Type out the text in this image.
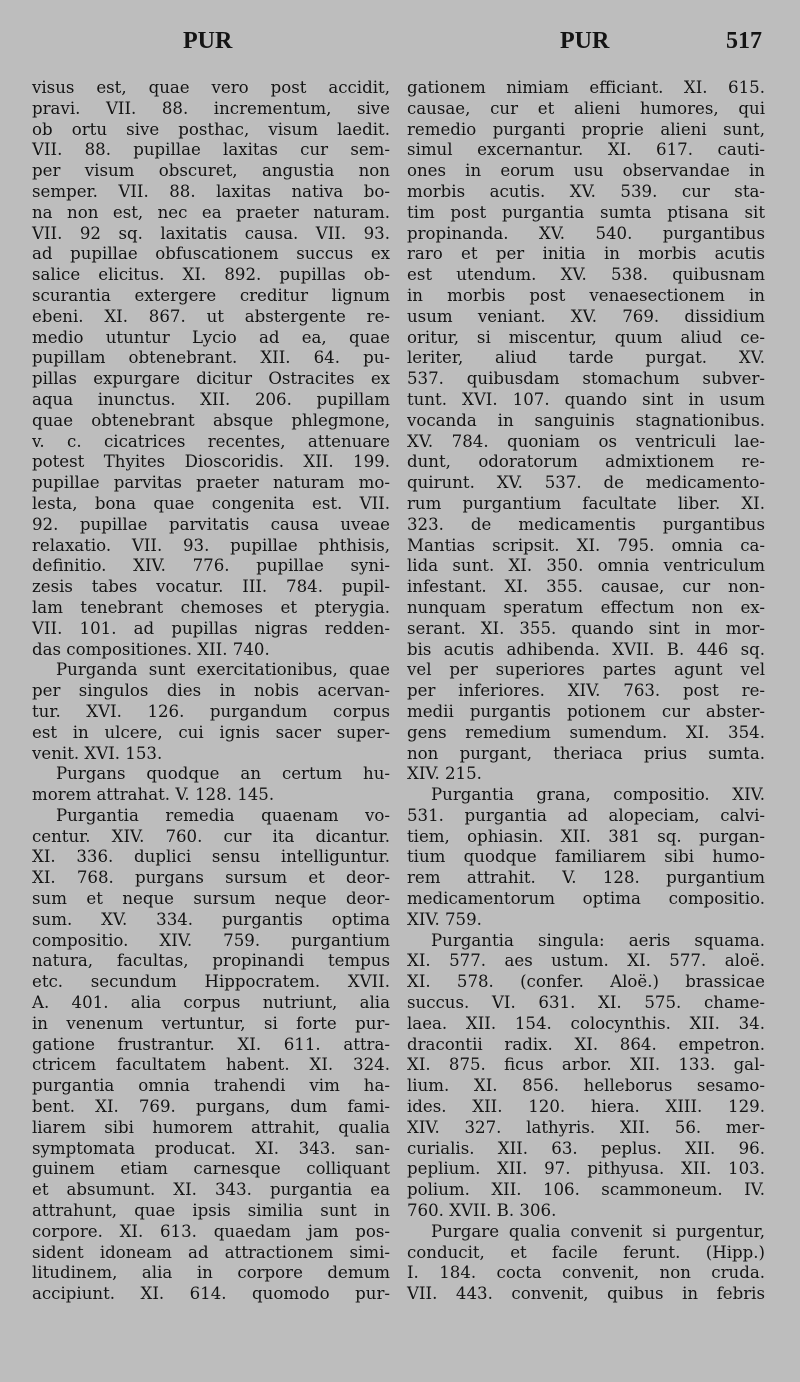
PUR	PUR	517
visus est, quae vero post accidit,
pravi. VII. 88. incrementum, sive
ob ortu sive posthac, visum laedit.
VII. 88. pupillae laxitas cur sem-
per visum obscuret, angustia non
semper. VII. 88. laxitas nativa bo-
na non est, nec ea praeter naturam.
VII. 92 sq. laxitatis causa. VII. 93.
ad pupillae obfuscationem succus ex
salice elicitus. XI. 892. pupillas ob-
scurantia extergere creditur lignum
ebeni. XI. 867. ut abstergente re-
medio utuntur Lycio ad ea, quae
pupillam obtenebrant. XII. 64. pu-
pillas expurgare dicitur Ostracites ex
aqua inunctus. XII. 206. pupillam
quae obtenebrant absque phlegmone,
v. c. cicatrices recentes, attenuare
potest Thyites Dioscoridis. XII. 199.
pupillae parvitas praeter naturam mo-
lesta, bona quae congenita est. VII.
92. pupillae parvitatis causa uveae
relaxatio. VII. 93. pupillae phthisis,
definitio. XIV. 776. pupillae syni-
zesis tabes vocatur. III. 784. pupil-
lam tenebrant chemoses et pterygia.
VII. 101. ad pupillas nigras redden-
das compositiones. XII. 740.
Purganda sunt exercitationibus, quae
per singulos dies in nobis acervan-
tur. XVI. 126. purgandum corpus
est in ulcere, cui ignis sacer super-
venit. XVI. 153.
Purgans quodque an certum hu-
morem attrahat. V. 128. 145.
Purgantia remedia quaenam vo-
centur. XIV. 760. cur ita dicantur.
XI. 336. duplici sensu intelliguntur.
XI. 768. purgans sursum et deor-
sum et neque sursum neque deor-
sum. XV. 334. purgantis optima
compositio. XIV. 759. purgantium
natura, facultas, propinandi tempus
etc. secundum Hippocratem. XVII.
A. 401. alia corpus nutriunt, alia
in venenum vertuntur, si forte pur-
gatione frustrantur. XI. 611. attra-
ctricem facultatem habent. XI. 324.
purgantia omnia trahendi vim ha-
bent. XI. 769. purgans, dum fami-
liarem sibi humorem attrahit, qualia
symptomata producat. XI. 343. san-
guinem etiam carnesque colliquant
et absumunt. XI. 343. purgantia ea
attrahunt, quae ipsis similia sunt in
corpore. XI. 613. quaedam jam pos-
sident idoneam ad attractionem simi-
litudinem, alia in corpore demum
accipiunt. XI. 614. quomodo pur-
gationem nimiam efficiant. XI. 615.
causae, cur et alieni humores, qui
remedio purganti proprie alieni sunt,
simul excernantur. XI. 617. cauti-
ones in eorum usu observandae in
morbis acutis. XV. 539. cur sta-
tim post purgantia sumta ptisana sit
propinanda. XV. 540. purgantibus
raro et per initia in morbis acutis
est utendum. XV. 538. quibusnam
in morbis post venaesectionem in
usum veniant. XV. 769. dissidium
oritur, si miscentur, quum aliud ce-
leriter, aliud tarde purgat. XV.
537. quibusdam stomachum subver-
tunt. XVI. 107. quando sint in usum
vocanda in sanguinis stagnationibus.
XV. 784. quoniam os ventriculi lae-
dunt, odoratorum admixtionem re-
quirunt. XV. 537. de medicamento-
rum purgantium facultate liber. XI.
323. de medicamentis purgantibus
Mantias scripsit. XI. 795. omnia ca-
lida sunt. XI. 350. omnia ventriculum
infestant. XI. 355. causae, cur non-
nunquam speratum effectum non ex-
serant. XI. 355. quando sint in mor-
bis acutis adhibenda. XVII. B. 446 sq.
vel per superiores partes agunt vel
per inferiores. XIV. 763. post re-
medii purgantis potionem cur abster-
gens remedium sumendum. XI. 354.
non purgant, theriaca prius sumta.
XIV. 215.
Purgantia grana, compositio. XIV.
531. purgantia ad alopeciam, calvi-
tiem, ophiasin. XII. 381 sq. purgan-
tium quodque familiarem sibi humo-
rem attrahit. V. 128. purgantium
medicamentorum optima compositio.
XIV. 759.
Purgantia singula: aeris squama.
XI. 577. aes ustum. XI. 577. aloë.
XI. 578. (confer. Aloë.) brassicae
succus. VI. 631. XI. 575. chame-
laea. XII. 154. colocynthis. XII. 34.
dracontii radix. XI. 864. empetron.
XI. 875. ficus arbor. XII. 133. gal-
lium. XI. 856. helleborus sesamo-
ides. XII. 120. hiera. XIII. 129.
XIV. 327. lathyris. XII. 56. mer-
curialis. XII. 63. peplus. XII. 96.
peplium. XII. 97. pithyusa. XII. 103.
polium. XII. 106. scammoneum. IV.
760. XVII. B. 306.
Purgare qualia convenit si purgentur,
conducit, et facile ferunt. (Hipp.)
I. 184. cocta convenit, non cruda.
VII. 443. convenit, quibus in febris
